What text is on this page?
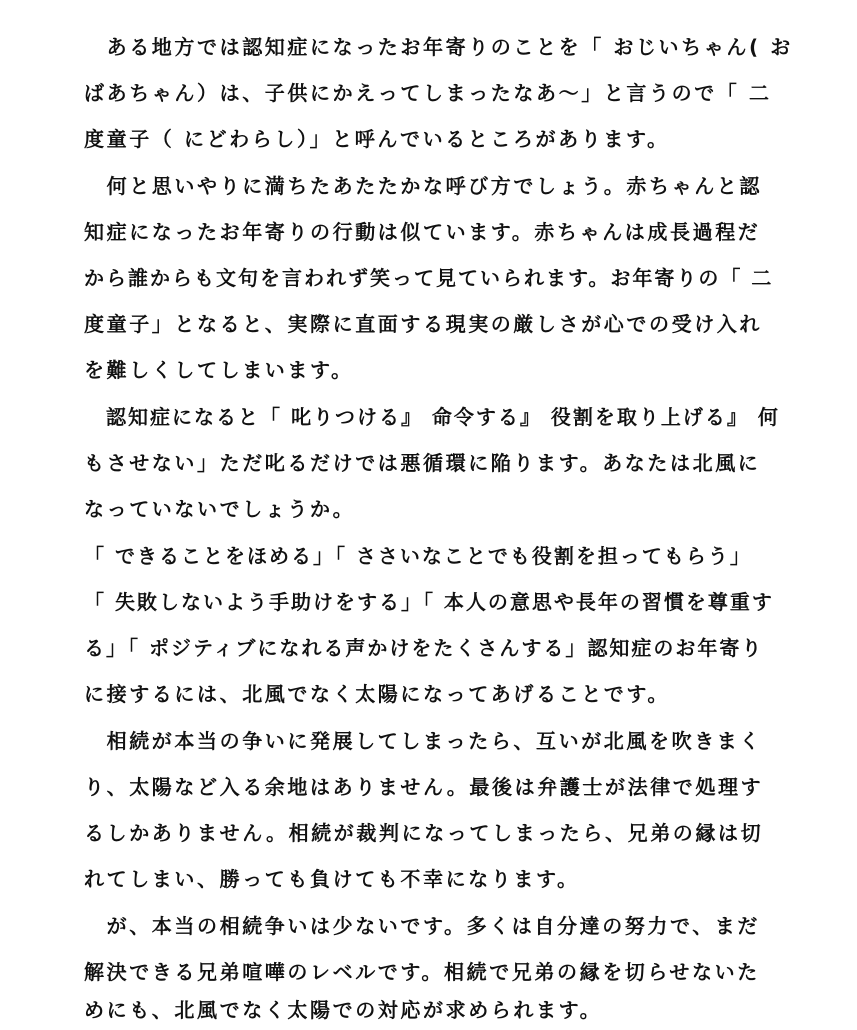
　ある地方では認知症になったお年寄りのことを「 おじいちゃん( お
ばあちゃん）は、子供にかえってしまったなあ～」と言うので「 二
度童子（ にどわらし）」と呼んでいるところがあります。
　何と思いやりに満ちたあたたかな呼び方でしょう。赤ちゃんと認
知症になったお年寄りの行動は似ています。赤ちゃんは成長過程だ
から誰からも文句を言われず笑って見ていられます。お年寄りの「 二
度童子」となると、実際に直面する現実の厳しさが心での受け入れ
を難しくしてしまいます。
　認知症になると「 叱りつける』 命令する』 役割を取り上げる』 何
もさせない」ただ叱るだけでは悪循環に陥ります。あなたは北風に
なっていないでしょうか。
「 できることをほめる」「 ささいなことでも役割を担ってもらう」
「 失敗しないよう手助けをする」「 本人の意思や長年の習慣を尊重す
る」「 ポジティブになれる声かけをたくさんする」認知症のお年寄り
に接するには、北風でなく太陽になってあげることです。
　相続が本当の争いに発展してしまったら、互いが北風を吹きまく
り、太陽など入る余地はありません。最後は弁護士が法律で処理す
るしかありません。相続が裁判になってしまったら、兄弟の縁は切
れてしまい、勝っても負けても不幸になります。
　が、本当の相続争いは少ないです。多くは自分達の努力で、まだ
解決できる兄弟喧嘩のレベルです。相続で兄弟の縁を切らせないた
めにも、北風でなく太陽での対応が求められます。
